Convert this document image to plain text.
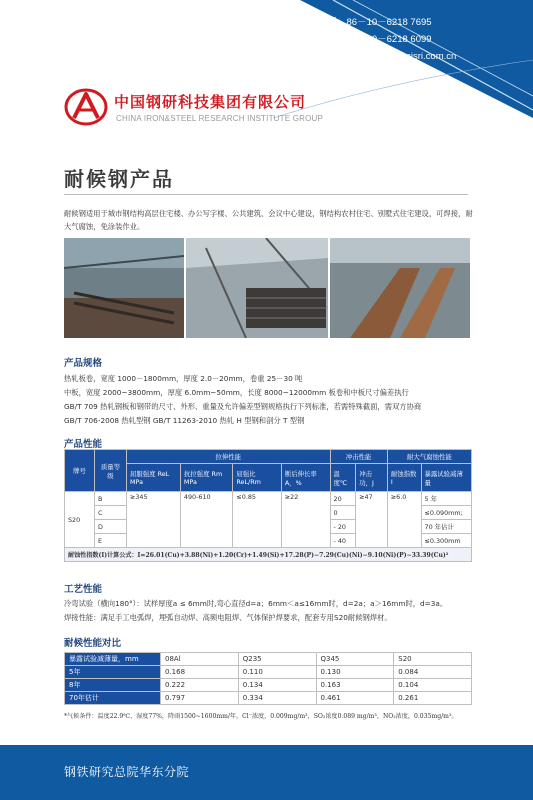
电话：86－10－6218 7695
传真：86－10－6218 6099
网址：http://www.ec-cisri.com.cn
中国钢研科技集团有限公司
CHINA IRON&STEEL RESEARCH INSTITUTE GROUP
耐候钢产品
耐候钢适用于城市钢结构高层住宅楼、办公写字楼、公共建筑、会议中心建设，钢结构农村住宅、别墅式住宅建设，可焊接，耐大气腐蚀，免涂装作业。
产品规格
热轧板卷，宽度 1000－1800mm，厚度 2.0－20mm，卷重 25－30 吨
中板，宽度 2000~3800mm，厚度 6.0mm~50mm，长度 8000~12000mm 板卷和中板尺寸偏差执行
GB/T 709 热轧钢板和钢带的尺寸、外形、重量及允许偏差型钢规格执行下列标准，若需特殊截面，需双方协商
GB/T 706-2008 热轧型钢 GB/T 11263-2010 热轧 H 型钢和剖分 T 型钢
产品性能
牌号	质量等级	拉伸性能				冲击性能		耐大气腐蚀性能	
		屈服强度 ReL MPa	抗拉强度 Rm MPa	屈强比 ReL/Rm	断后伸长率A，%	温度℃	冲击功，J	耐蚀指数 I	暴露试验减薄量
S20	B	≥345	490-610	≤0.85	≥22	20	≥47	≥6.0	5 年
	C					0			≤0.090mm;
	D					- 20			70 年估计
	E					- 40			≤0.300mm
耐蚀性指数(I)计算公式：I=26.01(Cu)+3.88(Ni)+1.20(Cr)+1.49(Si)+17.28(P)−7.29(Cu)(Ni)−9.10(Ni)(P)−33.39(Cu)²									
工艺性能
冷弯试验（横向180°）：试样厚度a ≤ 6mm时,弯心直径d=a；6mm＜a≤16mm时，d=2a；a＞16mm时，d=3a。
焊接性能：满足手工电弧焊，埋弧自动焊、高频电阻焊、气体保护焊要求，配套专用S20耐候钢焊材。
耐候性能对比
暴露试验减薄量，mm	08Al	Q235	Q345	S20
5年	0.168	0.110	0.130	0.084
8年	0.222	0.134	0.163	0.104
70年估计	0.797	0.334	0.461	0.261
*气候条件：温度22.9℃，湿度77%，降雨1500~1600mm/年，Cl⁻浓度，0.009mg/m³，SO₂浓度0.089 mg/m³，NO₂浓度，0.035mg/m³。
钢铁研究总院华东分院
